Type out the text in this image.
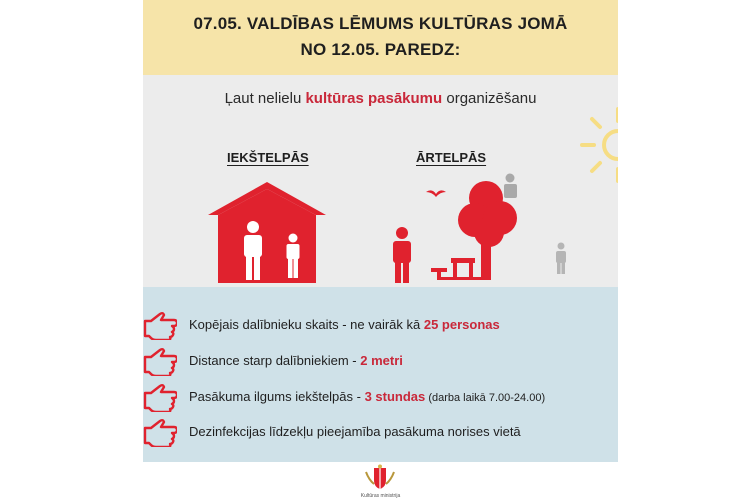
07.05. VALDĪBAS LĒMUMS KULTŪRAS JOMĀ
NO 12.05. PAREDZ:
Ļaut nelielu kultūras pasākumu organizēšanu
IEKŠTELPĀS	ĀRTELPĀS
Kopējais dalībnieku skaits - ne vairāk kā 25 personas
Distance starp dalībniekiem - 2 metri
Pasākuma ilgums iekštelpās - 3 stundas (darba laikā 7.00-24.00)
Dezinfekcijas līdzekļu pieejamība pasākuma norises vietā
Kultūras ministrija
